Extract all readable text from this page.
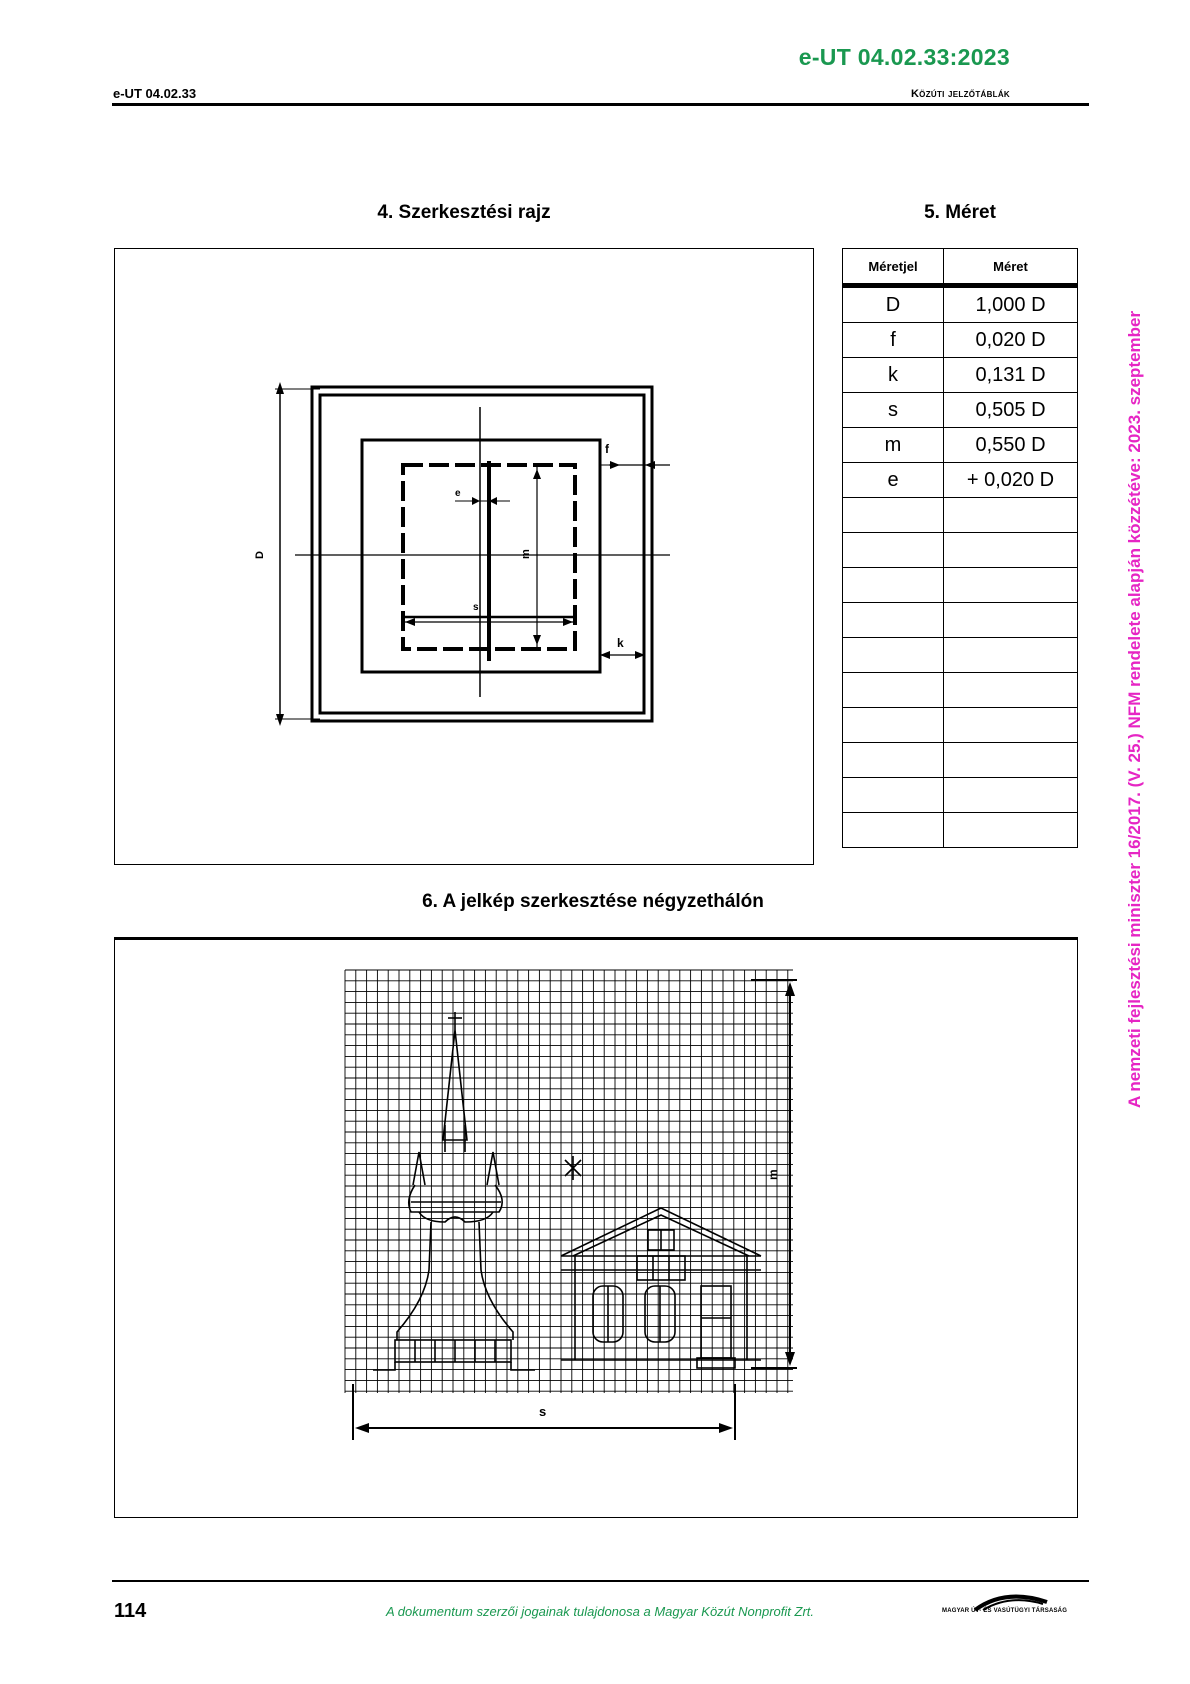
e-UT 04.02.33:2023
e-UT 04.02.33	Közúti jelzőtáblák
4. Szerkesztési rajz	5. Méret
D
f
e
m
s
k
Méretjel	Méret
D	1,000 D
f	0,020 D
k	0,131 D
s	0,505 D
m	0,550 D
e	+ 0,020 D

6. A jelkép szerkesztése négyzethálón
m
s
A nemzeti fejlesztési miniszter 16/2017. (V. 25.) NFM rendelete alapján közzétéve: 2023. szeptember
114	A dokumentum szerzői jogainak tulajdonosa a Magyar Közút Nonprofit Zrt.	MAGYAR ÚT- ÉS VASÚTÜGYI TÁRSASÁG
